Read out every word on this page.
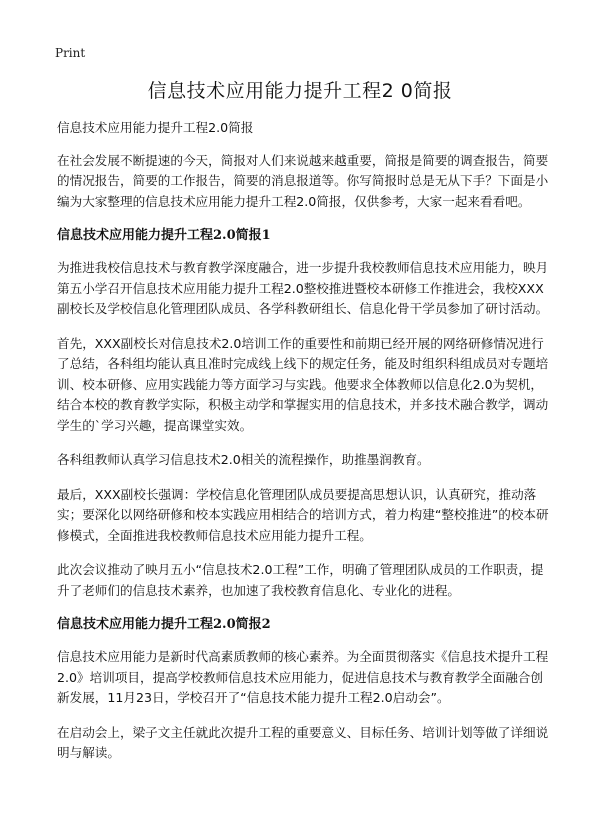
Print
信息技术应用能力提升工程2 0简报

信息技术应用能力提升工程2.0简报

在社会发展不断提速的今天，简报对人们来说越来越重要，简报是简要的调查报告，简要的情况报告，简要的工作报告，简要的消息报道等。你写简报时总是无从下手？下面是小编为大家整理的信息技术应用能力提升工程2.0简报，仅供参考，大家一起来看看吧。

信息技术应用能力提升工程2.0简报1

为推进我校信息技术与教育教学深度融合，进一步提升我校教师信息技术应用能力，映月第五小学召开信息技术应用能力提升工程2.0整校推进暨校本研修工作推进会，我校XXX副校长及学校信息化管理团队成员、各学科教研组长、信息化骨干学员参加了研讨活动。

首先，XXX副校长对信息技术2.0培训工作的重要性和前期已经开展的网络研修情况进行了总结，各科组均能认真且准时完成线上线下的规定任务，能及时组织科组成员对专题培训、校本研修、应用实践能力等方面学习与实践。他要求全体教师以信息化2.0为契机，结合本校的教育教学实际，积极主动学和掌握实用的信息技术，并多技术融合教学，调动学生的`学习兴趣，提高课堂实效。

各科组教师认真学习信息技术2.0相关的流程操作，助推墨润教育。

最后，XXX副校长强调：学校信息化管理团队成员要提高思想认识，认真研究，推动落实；要深化以网络研修和校本实践应用相结合的培训方式，着力构建“整校推进”的校本研修模式，全面推进我校教师信息技术应用能力提升工程。

此次会议推动了映月五小“信息技术2.0工程”工作，明确了管理团队成员的工作职责，提升了老师们的信息技术素养，也加速了我校教育信息化、专业化的进程。

信息技术应用能力提升工程2.0简报2

信息技术应用能力是新时代高素质教师的核心素养。为全面贯彻落实《信息技术提升工程2.0》培训项目，提高学校教师信息技术应用能力，促进信息技术与教育教学全面融合创新发展，11月23日，学校召开了“信息技术能力提升工程2.0启动会”。

在启动会上，梁子文主任就此次提升工程的重要意义、目标任务、培训计划等做了详细说明与解读。
